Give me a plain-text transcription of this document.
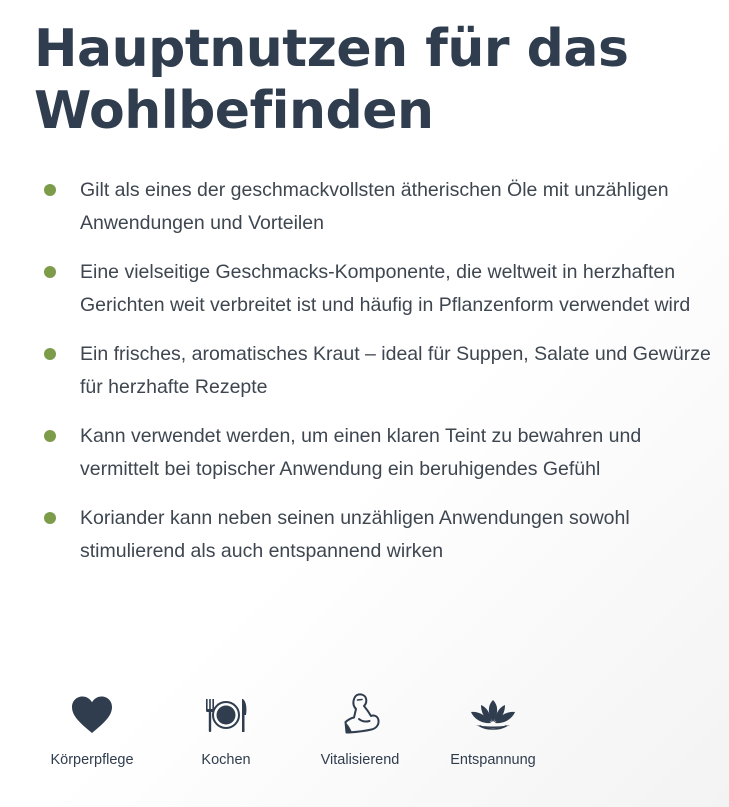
Hauptnutzen für das Wohlbefinden
Gilt als eines der geschmackvollsten ätherischen Öle mit unzähligen Anwendungen und Vorteilen
Eine vielseitige Geschmacks-Komponente, die weltweit in herzhaften Gerichten weit verbreitet ist und häufig in Pflanzenform verwendet wird
Ein frisches, aromatisches Kraut – ideal für Suppen, Salate und Gewürze für herzhafte Rezepte
Kann verwendet werden, um einen klaren Teint zu bewahren und vermittelt bei topischer Anwendung ein beruhigendes Gefühl
Koriander kann neben seinen unzähligen Anwendungen sowohl stimulierend als auch entspannend wirken
Körperpflege	Kochen	Vitalisierend	Entspannung
